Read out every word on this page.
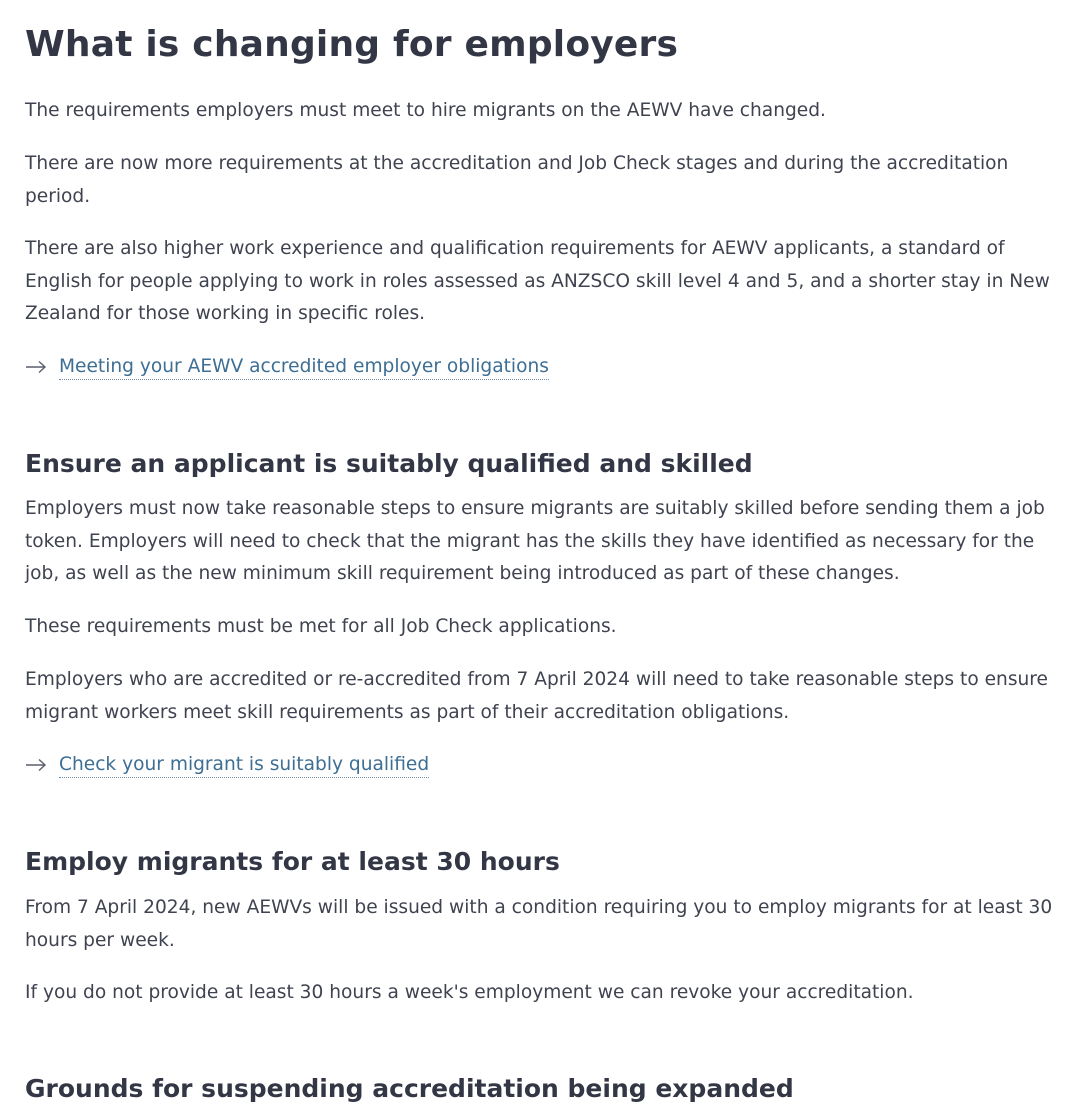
What is changing for employers

The requirements employers must meet to hire migrants on the AEWV have changed.

There are now more requirements at the accreditation and Job Check stages and during the accreditation period.

There are also higher work experience and qualification requirements for AEWV applicants, a standard of English for people applying to work in roles assessed as ANZSCO skill level 4 and 5, and a shorter stay in New Zealand for those working in specific roles.

Meeting your AEWV accredited employer obligations
Ensure an applicant is suitably qualified and skilled

Employers must now take reasonable steps to ensure migrants are suitably skilled before sending them a job token. Employers will need to check that the migrant has the skills they have identified as necessary for the job, as well as the new minimum skill requirement being introduced as part of these changes.

These requirements must be met for all Job Check applications.

Employers who are accredited or re-accredited from 7 April 2024 will need to take reasonable steps to ensure migrant workers meet skill requirements as part of their accreditation obligations.

Check your migrant is suitably qualified
Employ migrants for at least 30 hours

From 7 April 2024, new AEWVs will be issued with a condition requiring you to employ migrants for at least 30 hours per week.

If you do not provide at least 30 hours a week's employment we can revoke your accreditation.

Grounds for suspending accreditation being expanded
